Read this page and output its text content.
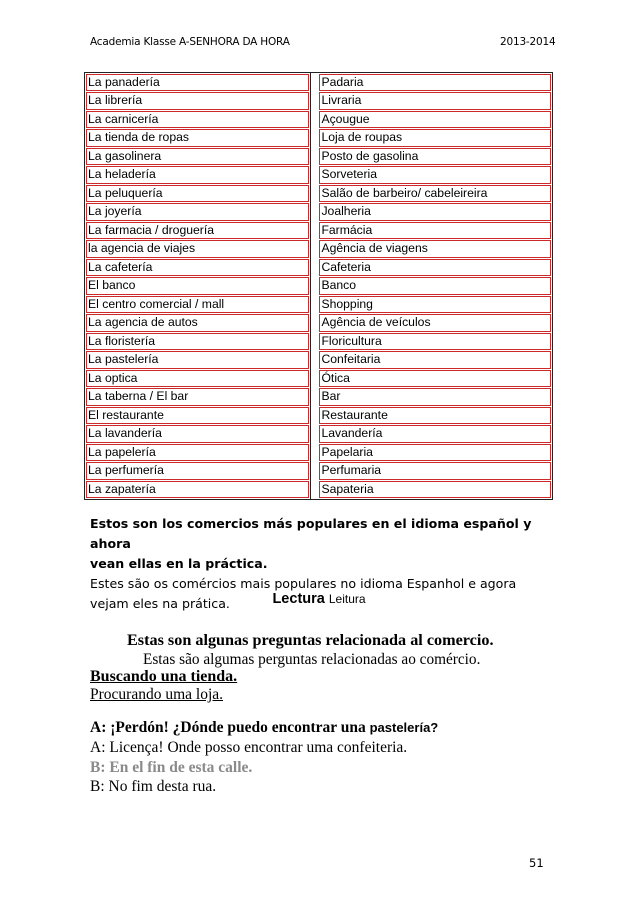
Academia Klasse A-SENHORA DA HORA	2013-2014
La panadería	Padaria

La librería	Livraria

La carnicería	Açougue

La tienda de ropas	Loja de roupas

La gasolinera	Posto de gasolina

La heladería	Sorveteria

La peluquería	Salão de barbeiro/ cabeleireira

La joyería	Joalheria

La farmacia / droguería	Farmácia

la agencia de viajes	Agência de viagens

La cafetería	Cafeteria

El banco	Banco

El centro comercial / mall	Shopping

La agencia de autos	Agência de veículos

La floristería	Floricultura

La pastelería	Confeitaria

La optica	Ótica

La taberna / El bar	Bar

El restaurante	Restaurante

La lavandería	Lavandería

La papelería	Papelaria

La perfumería	Perfumaria

La zapatería	Sapateria
Estos son los comercios más populares en el idioma español y ahora
vean ellas en la práctica.
Estes são os comércios mais populares no idioma Espanhol e agora
vejam eles na prática.	Lectura Leitura
Estas son algunas preguntas relacionada al comercio.
Estas são algumas perguntas relacionadas ao comércio.
Buscando una tienda.
Procurando uma loja.
A: ¡Perdón! ¿Dónde puedo encontrar una pastelería?
A: Licença! Onde posso encontrar uma confeiteria.
B: En el fin de esta calle.
B: No fim desta rua.
51
